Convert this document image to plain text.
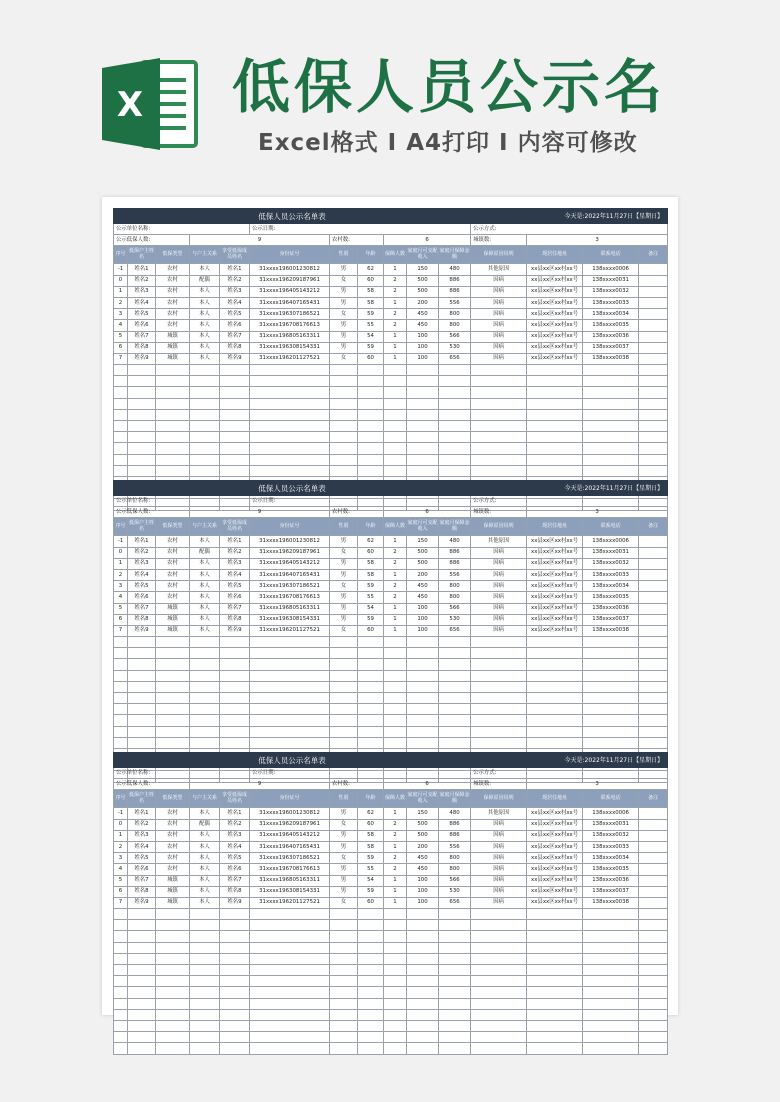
X 低保人员公示名
Excel格式 I A4打印 I 内容可修改
低保人员公示名单表											今天是:2022年11月27日【星期日】			
公示单位名称:					公示日期:						公示方式:			
公示低保人数:			9			农村数:		6			城镇数:	3		
序号	低保户主姓名	低保类型	与户主关系	享受低保成员姓名	身份证号	性别	年龄	保障人数	家庭月可支配收入	家庭月保障金额	保障原因说明	现居住地址	联系电话	备注
-1	姓名1	农村	本人	姓名1	31xxxx196001230812	男	62	1	150	480	其他原因	xx县xx区xx村xx号	138xxxx0006	
0	姓名2	农村	配偶	姓名2	31xxxx196209187961	女	60	2	500	886	因病	xx县xx区xx村xx号	138xxxx0031	
1	姓名3	农村	本人	姓名3	31xxxx196405143212	男	58	2	500	886	因病	xx县xx区xx村xx号	138xxxx0032	
2	姓名4	农村	本人	姓名4	31xxxx196407165431	男	58	1	200	556	因病	xx县xx区xx村xx号	138xxxx0033	
3	姓名5	农村	本人	姓名5	31xxxx196307186521	女	59	2	450	800	因病	xx县xx区xx村xx号	138xxxx0034	
4	姓名6	农村	本人	姓名6	31xxxx196708176613	男	55	2	450	800	因病	xx县xx区xx村xx号	138xxxx0035	
5	姓名7	城镇	本人	姓名7	31xxxx196805163311	男	54	1	100	566	因病	xx县xx区xx村xx号	138xxxx0036	
6	姓名8	城镇	本人	姓名8	31xxxx196308154331	男	59	1	100	530	因病	xx县xx区xx村xx号	138xxxx0037	
7	姓名9	城镇	本人	姓名9	31xxxx196201127521	女	60	1	100	656	因病	xx县xx区xx村xx号	138xxxx0038	

低保人员公示名单表											今天是:2022年11月27日【星期日】			
公示单位名称:					公示日期:						公示方式:			
公示低保人数:			9			农村数:		6			城镇数:	3		
序号	低保户主姓名	低保类型	与户主关系	享受低保成员姓名	身份证号	性别	年龄	保障人数	家庭月可支配收入	家庭月保障金额	保障原因说明	现居住地址	联系电话	备注
-1	姓名1	农村	本人	姓名1	31xxxx196001230812	男	62	1	150	480	其他原因	xx县xx区xx村xx号	138xxxx0006	
0	姓名2	农村	配偶	姓名2	31xxxx196209187961	女	60	2	500	886	因病	xx县xx区xx村xx号	138xxxx0031	
1	姓名3	农村	本人	姓名3	31xxxx196405143212	男	58	2	500	886	因病	xx县xx区xx村xx号	138xxxx0032	
2	姓名4	农村	本人	姓名4	31xxxx196407165431	男	58	1	200	556	因病	xx县xx区xx村xx号	138xxxx0033	
3	姓名5	农村	本人	姓名5	31xxxx196307186521	女	59	2	450	800	因病	xx县xx区xx村xx号	138xxxx0034	
4	姓名6	农村	本人	姓名6	31xxxx196708176613	男	55	2	450	800	因病	xx县xx区xx村xx号	138xxxx0035	
5	姓名7	城镇	本人	姓名7	31xxxx196805163311	男	54	1	100	566	因病	xx县xx区xx村xx号	138xxxx0036	
6	姓名8	城镇	本人	姓名8	31xxxx196308154331	男	59	1	100	530	因病	xx县xx区xx村xx号	138xxxx0037	
7	姓名9	城镇	本人	姓名9	31xxxx196201127521	女	60	1	100	656	因病	xx县xx区xx村xx号	138xxxx0038	

低保人员公示名单表											今天是:2022年11月27日【星期日】			
公示单位名称:					公示日期:						公示方式:			
公示低保人数:			9			农村数:		6			城镇数:	3		
序号	低保户主姓名	低保类型	与户主关系	享受低保成员姓名	身份证号	性别	年龄	保障人数	家庭月可支配收入	家庭月保障金额	保障原因说明	现居住地址	联系电话	备注
-1	姓名1	农村	本人	姓名1	31xxxx196001230812	男	62	1	150	480	其他原因	xx县xx区xx村xx号	138xxxx0006	
0	姓名2	农村	配偶	姓名2	31xxxx196209187961	女	60	2	500	886	因病	xx县xx区xx村xx号	138xxxx0031	
1	姓名3	农村	本人	姓名3	31xxxx196405143212	男	58	2	500	886	因病	xx县xx区xx村xx号	138xxxx0032	
2	姓名4	农村	本人	姓名4	31xxxx196407165431	男	58	1	200	556	因病	xx县xx区xx村xx号	138xxxx0033	
3	姓名5	农村	本人	姓名5	31xxxx196307186521	女	59	2	450	800	因病	xx县xx区xx村xx号	138xxxx0034	
4	姓名6	农村	本人	姓名6	31xxxx196708176613	男	55	2	450	800	因病	xx县xx区xx村xx号	138xxxx0035	
5	姓名7	城镇	本人	姓名7	31xxxx196805163311	男	54	1	100	566	因病	xx县xx区xx村xx号	138xxxx0036	
6	姓名8	城镇	本人	姓名8	31xxxx196308154331	男	59	1	100	530	因病	xx县xx区xx村xx号	138xxxx0037	
7	姓名9	城镇	本人	姓名9	31xxxx196201127521	女	60	1	100	656	因病	xx县xx区xx村xx号	138xxxx0038	
